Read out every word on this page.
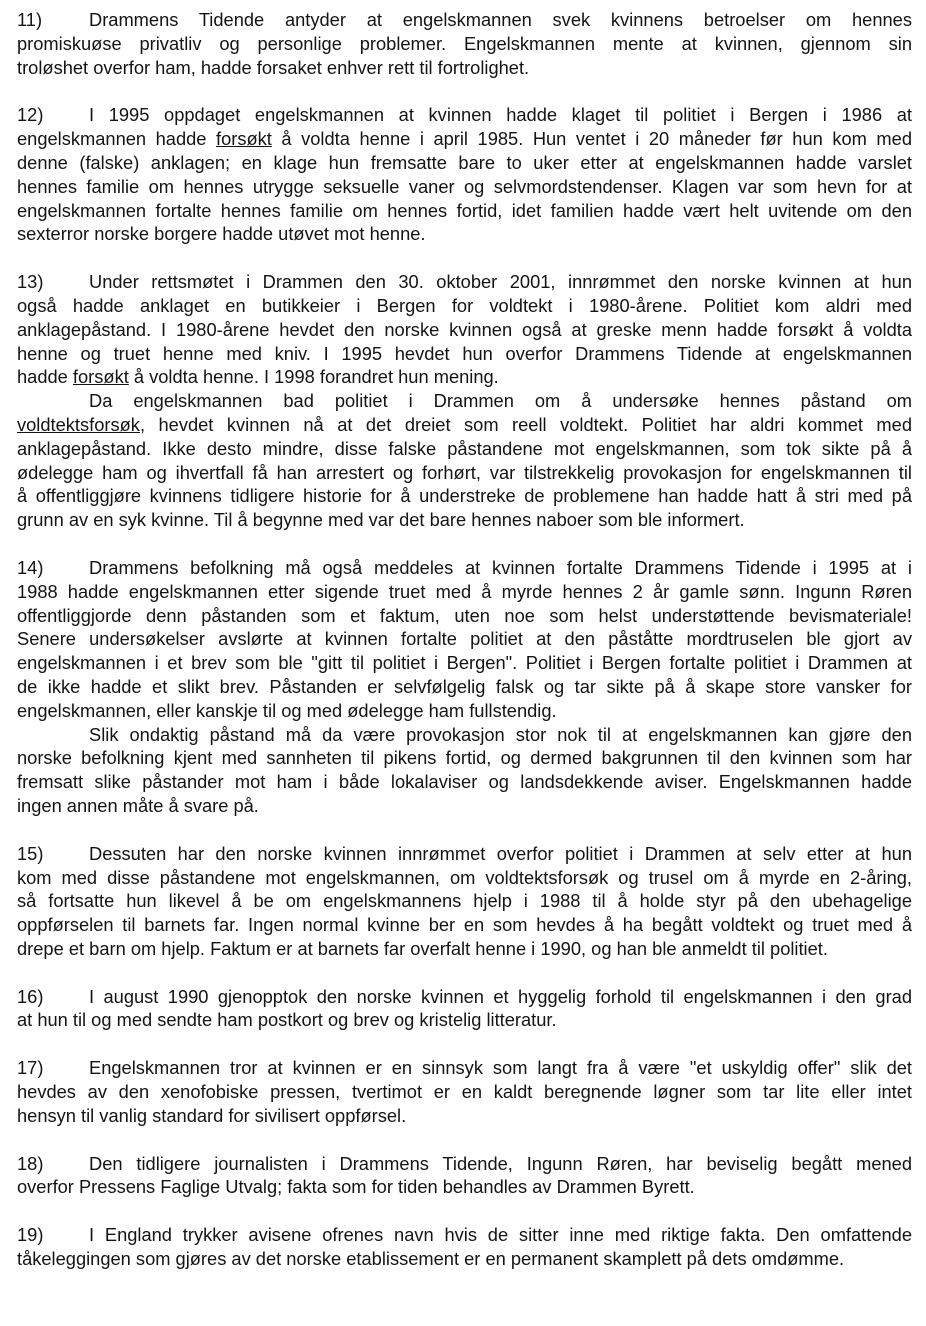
11)	Drammens Tidende antyder at engelskmannen svek kvinnens betroelser om hennes
promiskuøse privatliv og personlige problemer. Engelskmannen mente at kvinnen, gjennom sin
troløshet overfor ham, hadde forsaket enhver rett til fortrolighet.
12) I 1995 oppdaget engelskmannen at kvinnen hadde klaget til politiet i Bergen i 1986 at
engelskmannen hadde forsøkt å voldta henne i april 1985. Hun ventet i 20 måneder før hun kom med
denne (falske) anklagen; en klage hun fremsatte bare to uker etter at engelskmannen hadde varslet
hennes familie om hennes utrygge seksuelle vaner og selvmordstendenser. Klagen var som hevn for at
engelskmannen fortalte hennes familie om hennes fortid, idet familien hadde vært helt uvitende om den
sexterror norske borgere hadde utøvet mot henne.
13) Under rettsmøtet i Drammen den 30. oktober 2001, innrømmet den norske kvinnen at hun
også hadde anklaget en butikkeier i Bergen for voldtekt i 1980-årene. Politiet kom aldri med
anklagepåstand. I 1980-årene hevdet den norske kvinnen også at greske menn hadde forsøkt å voldta
henne og truet henne med kniv. I 1995 hevdet hun overfor Drammens Tidende at engelskmannen
hadde forsøkt å voldta henne. I 1998 forandret hun mening.
Da engelskmannen bad politiet i Drammen om å undersøke hennes påstand om
voldtektsforsøk, hevdet kvinnen nå at det dreiet som reell voldtekt. Politiet har aldri kommet med
anklagepåstand. Ikke desto mindre, disse falske påstandene mot engelskmannen, som tok sikte på å
ødelegge ham og ihvertfall få han arrestert og forhørt, var tilstrekkelig provokasjon for engelskmannen til
å offentliggjøre kvinnens tidligere historie for å understreke de problemene han hadde hatt å stri med på
grunn av en syk kvinne. Til å begynne med var det bare hennes naboer som ble informert.
14) Drammens befolkning må også meddeles at kvinnen fortalte Drammens Tidende i 1995 at i
1988 hadde engelskmannen etter sigende truet med å myrde hennes 2 år gamle sønn. Ingunn Røren
offentliggjorde denn påstanden som et faktum, uten noe som helst understøttende bevismateriale!
Senere undersøkelser avslørte at kvinnen fortalte politiet at den påståtte mordtruselen ble gjort av
engelskmannen i et brev som ble "gitt til politiet i Bergen". Politiet i Bergen fortalte politiet i Drammen at
de ikke hadde et slikt brev. Påstanden er selvfølgelig falsk og tar sikte på å skape store vansker for
engelskmannen, eller kanskje til og med ødelegge ham fullstendig.
Slik ondaktig påstand må da være provokasjon stor nok til at engelskmannen kan gjøre den
norske befolkning kjent med sannheten til pikens fortid, og dermed bakgrunnen til den kvinnen som har
fremsatt slike påstander mot ham i både lokalaviser og landsdekkende aviser. Engelskmannen hadde
ingen annen måte å svare på.
15) Dessuten har den norske kvinnen innrømmet overfor politiet i Drammen at selv etter at hun
kom med disse påstandene mot engelskmannen, om voldtektsforsøk og trusel om å myrde en 2-åring,
så fortsatte hun likevel å be om engelskmannens hjelp i 1988 til å holde styr på den ubehagelige
oppførselen til barnets far. Ingen normal kvinne ber en som hevdes å ha begått voldtekt og truet med å
drepe et barn om hjelp. Faktum er at barnets far overfalt henne i 1990, og han ble anmeldt til politiet.
16) I august 1990 gjenopptok den norske kvinnen et hyggelig forhold til engelskmannen i den grad
at hun til og med sendte ham postkort og brev og kristelig litteratur.
17) Engelskmannen tror at kvinnen er en sinnsyk som langt fra å være "et uskyldig offer" slik det
hevdes av den xenofobiske pressen, tvertimot er en kaldt beregnende løgner som tar lite eller intet
hensyn til vanlig standard for sivilisert oppførsel.
18) Den tidligere journalisten i Drammens Tidende, Ingunn Røren, har beviselig begått mened
overfor Pressens Faglige Utvalg; fakta som for tiden behandles av Drammen Byrett.
19) I England trykker avisene ofrenes navn hvis de sitter inne med riktige fakta. Den omfattende
tåkeleggingen som gjøres av det norske etablissement er en permanent skamplett på dets omdømme.
